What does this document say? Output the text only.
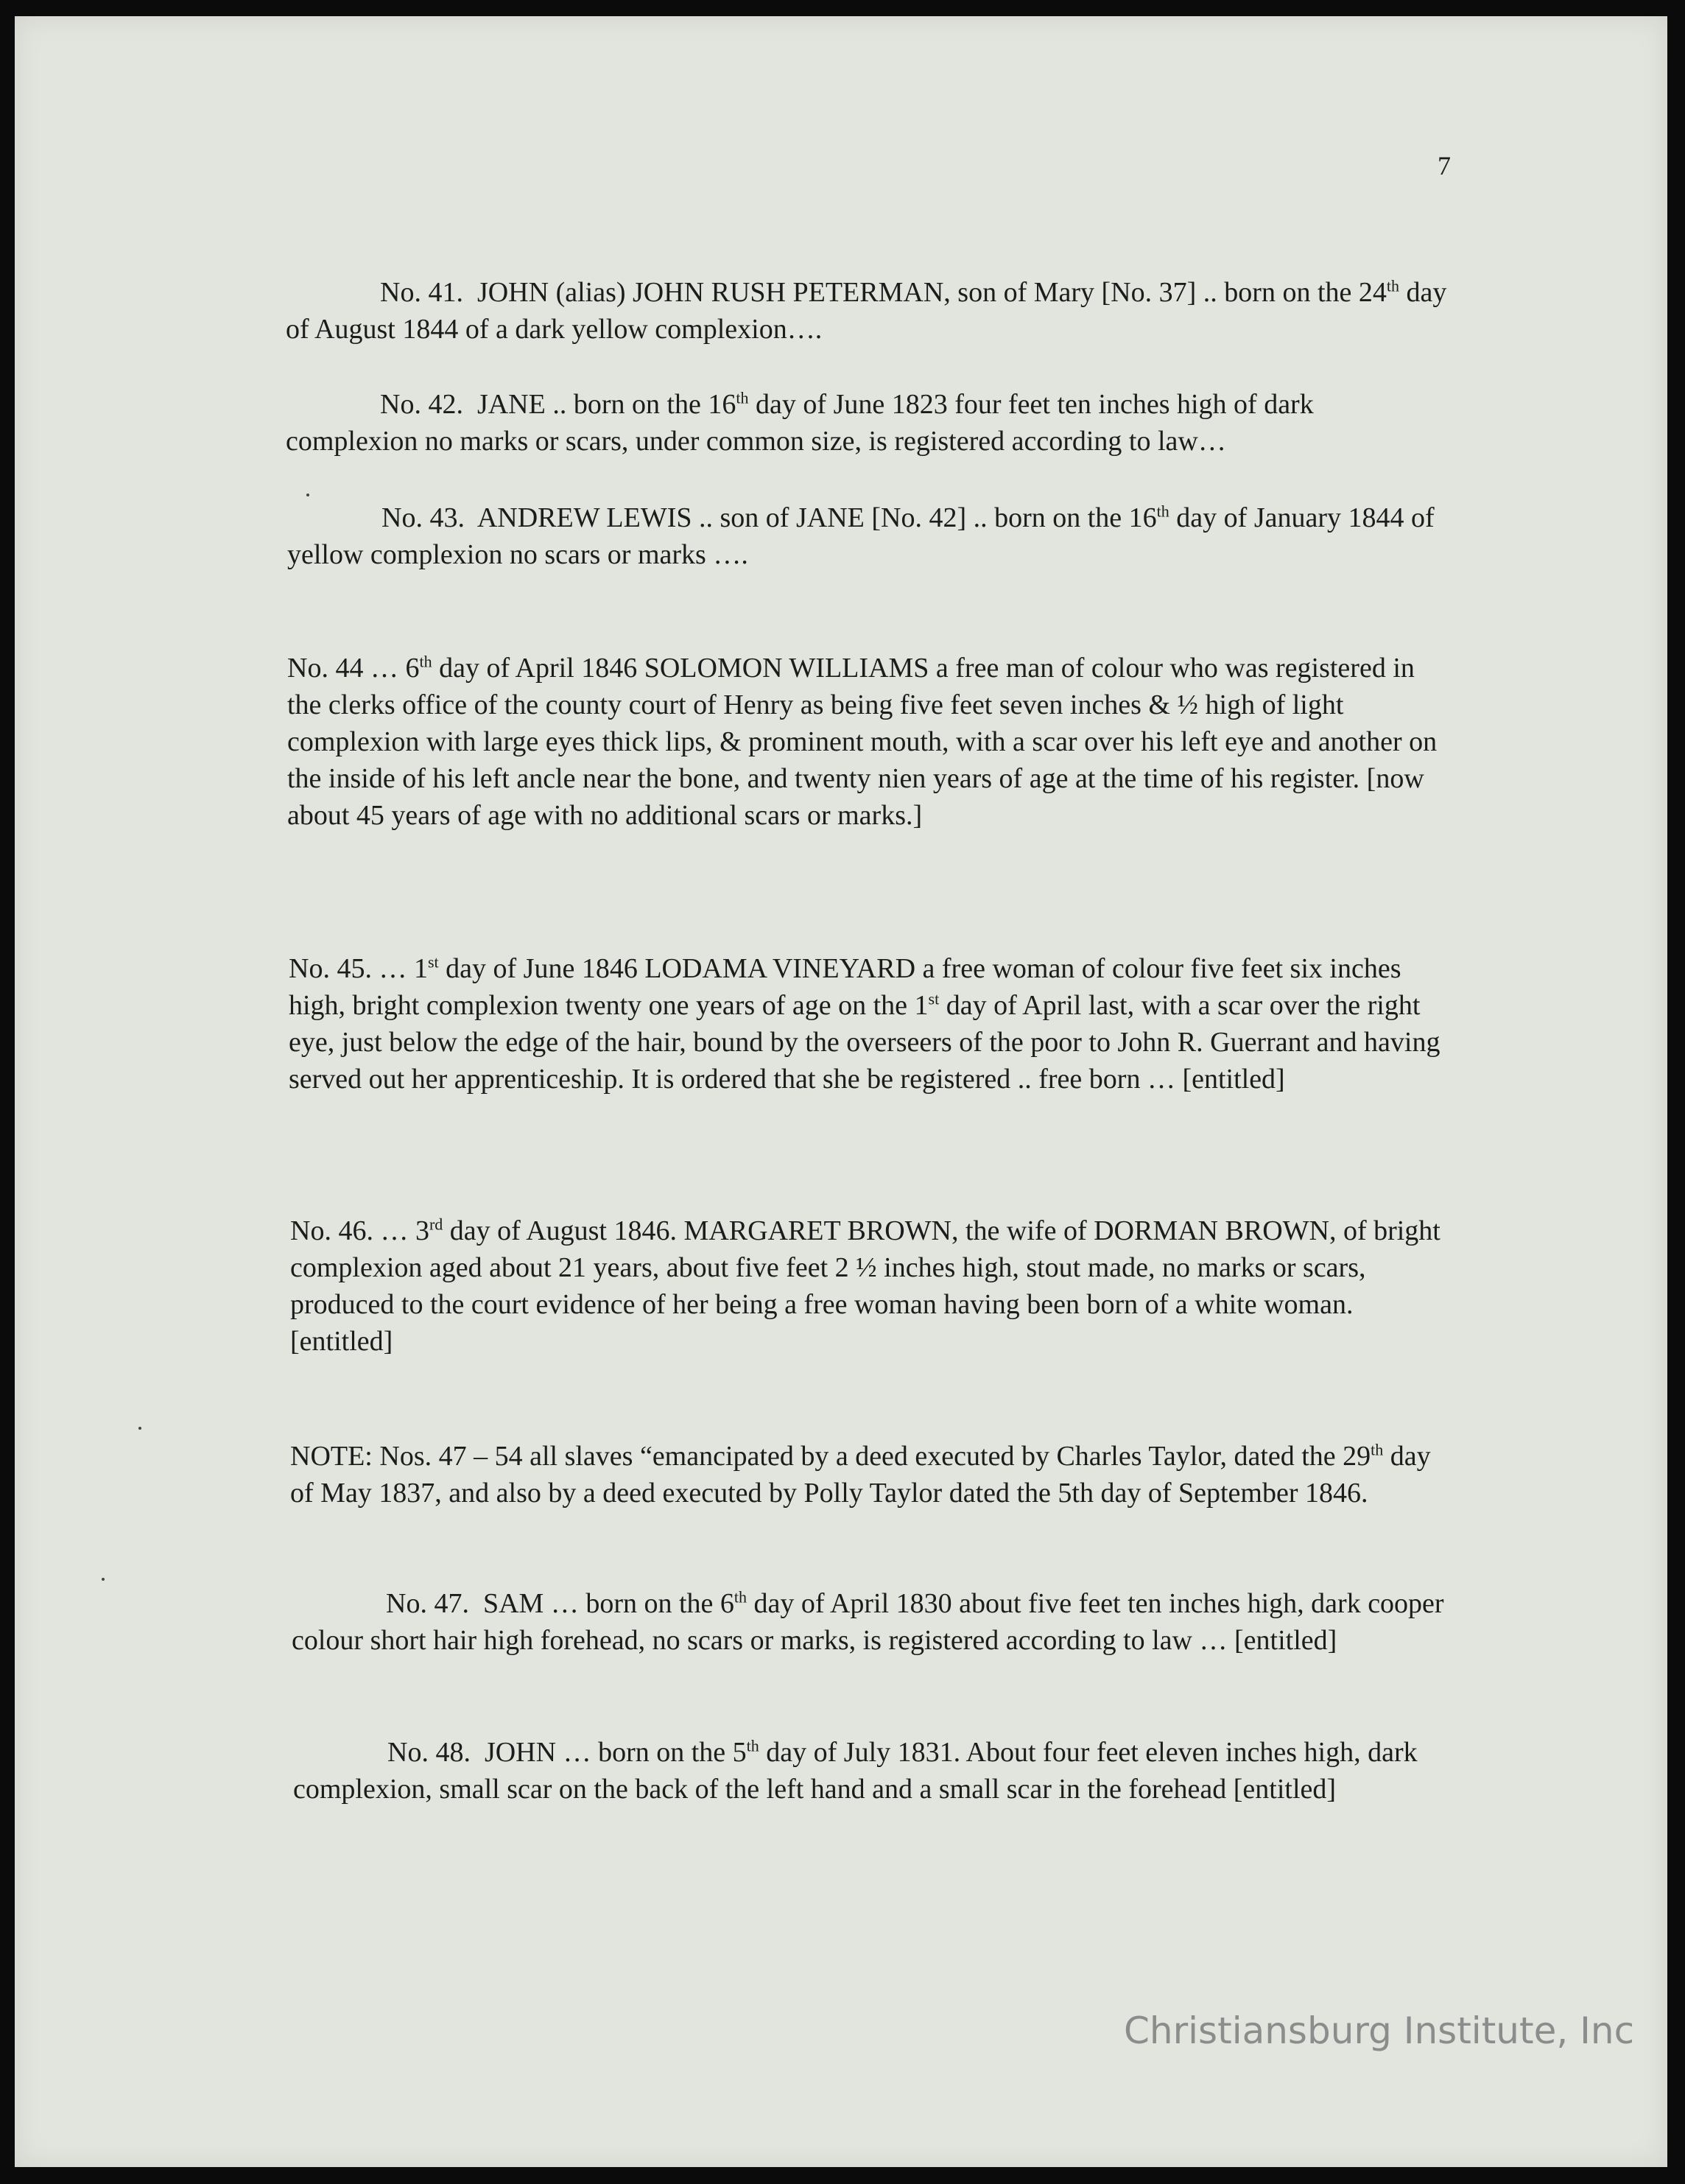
7

No. 41. JOHN (alias) JOHN RUSH PETERMAN, son of Mary [No. 37] .. born on the 24th day of August 1844 of a dark yellow complexion….

No. 42. JANE .. born on the 16th day of June 1823 four feet ten inches high of dark complexion no marks or scars, under common size, is registered according to law…

No. 43. ANDREW LEWIS .. son of JANE [No. 42] .. born on the 16th day of January 1844 of yellow complexion no scars or marks ….

No. 44 … 6th day of April 1846 SOLOMON WILLIAMS a free man of colour who was registered in the clerks office of the county court of Henry as being five feet seven inches & ½ high of light complexion with large eyes thick lips, & prominent mouth, with a scar over his left eye and another on the inside of his left ancle near the bone, and twenty nien years of age at the time of his register. [now about 45 years of age with no additional scars or marks.]

No. 45. … 1st day of June 1846 LODAMA VINEYARD a free woman of colour five feet six inches high, bright complexion twenty one years of age on the 1st day of April last, with a scar over the right eye, just below the edge of the hair, bound by the overseers of the poor to John R. Guerrant and having served out her apprenticeship. It is ordered that she be registered .. free born … [entitled]

No. 46. … 3rd day of August 1846. MARGARET BROWN, the wife of DORMAN BROWN, of bright complexion aged about 21 years, about five feet 2 ½ inches high, stout made, no marks or scars, produced to the court evidence of her being a free woman having been born of a white woman. [entitled]

NOTE: Nos. 47 – 54 all slaves “emancipated by a deed executed by Charles Taylor, dated the 29th day of May 1837, and also by a deed executed by Polly Taylor dated the 5th day of September 1846.

No. 47. SAM … born on the 6th day of April 1830 about five feet ten inches high, dark cooper colour short hair high forehead, no scars or marks, is registered according to law … [entitled]

No. 48. JOHN … born on the 5th day of July 1831. About four feet eleven inches high, dark complexion, small scar on the back of the left hand and a small scar in the forehead [entitled]

Christiansburg Institute, Inc
